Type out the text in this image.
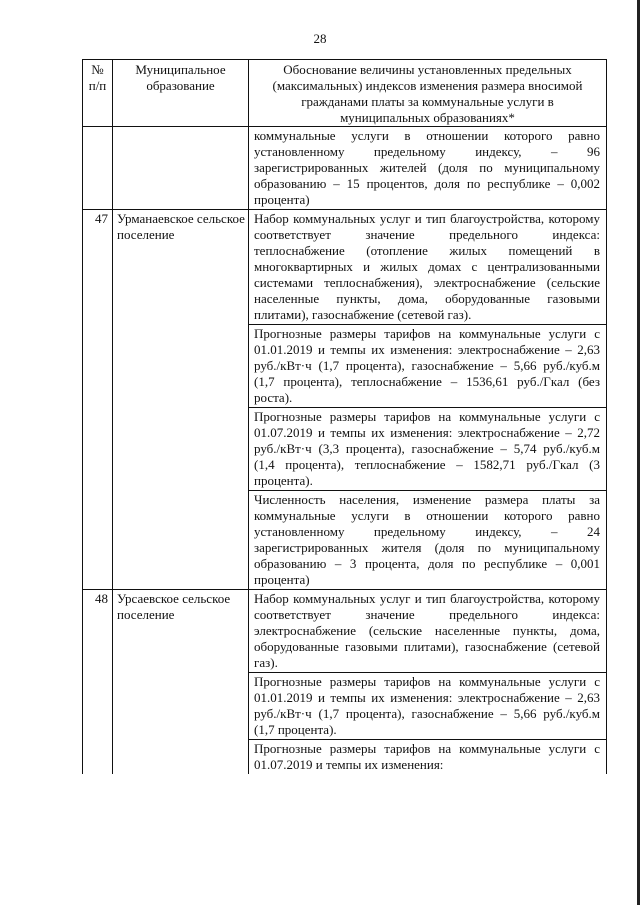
28
№ п/п	Муниципальное образование	Обоснование величины установленных предельных (максимальных) индексов изменения размера вносимой гражданами платы за коммунальные услуги в муниципальных образованиях*

		коммунальные услуги в отношении которого равно установленному предельному индексу, – 96 зарегистрированных жителей (доля по муниципальному образованию – 15 процентов, доля по республике – 0,002 процента)

47	Урманаевское сельское поселение	Набор коммунальных услуг и тип благоустройства, которому соответствует значение предельного индекса: теплоснабжение (отопление жилых помещений в многоквартирных и жилых домах с централизованными системами теплоснабжения), электроснабжение (сельские населенные пункты, дома, оборудованные газовыми плитами), газоснабжение (сетевой газ).
Прогнозные размеры тарифов на коммунальные услуги с 01.01.2019 и темпы их изменения: электроснабжение – 2,63 руб./кВт·ч (1,7 процента), газоснабжение – 5,66 руб./куб.м (1,7 процента), теплоснабжение – 1536,61 руб./Гкал (без роста).
Прогнозные размеры тарифов на коммунальные услуги с 01.07.2019 и темпы их изменения: электроснабжение – 2,72 руб./кВт·ч (3,3 процента), газоснабжение – 5,74 руб./куб.м (1,4 процента), теплоснабжение – 1582,71 руб./Гкал (3 процента).
Численность населения, изменение размера платы за коммунальные услуги в отношении которого равно установленному предельному индексу, – 24 зарегистрированных жителя (доля по муниципальному образованию – 3 процента, доля по республике – 0,001 процента)

48	Урсаевское сельское поселение	Набор коммунальных услуг и тип благоустройства, которому соответствует значение предельного индекса: электроснабжение (сельские населенные пункты, дома, оборудованные газовыми плитами), газоснабжение (сетевой газ).
Прогнозные размеры тарифов на коммунальные услуги с 01.01.2019 и темпы их изменения: электроснабжение – 2,63 руб./кВт·ч (1,7 процента), газоснабжение – 5,66 руб./куб.м (1,7 процента).
Прогнозные размеры тарифов на коммунальные услуги с 01.07.2019 и темпы их изменения:
